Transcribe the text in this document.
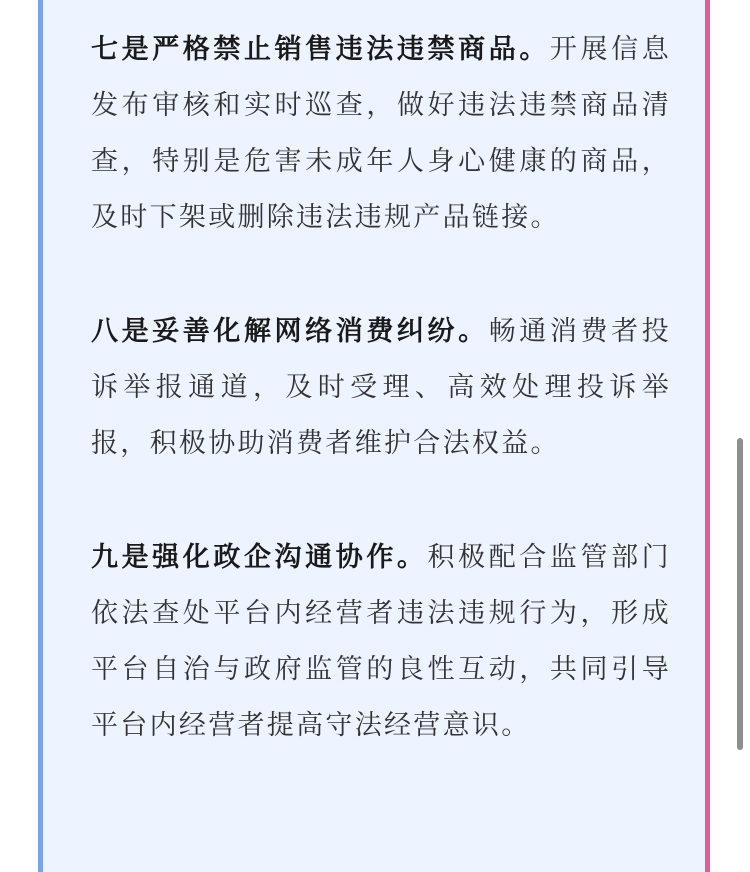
七是严格禁止销售违法违禁商品。开展信息发布审核和实时巡查，做好违法违禁商品清查，特别是危害未成年人身心健康的商品，及时下架或删除违法违规产品链接。

八是妥善化解网络消费纠纷。畅通消费者投诉举报通道，及时受理、高效处理投诉举报，积极协助消费者维护合法权益。

九是强化政企沟通协作。积极配合监管部门依法查处平台内经营者违法违规行为，形成平台自治与政府监管的良性互动，共同引导平台内经营者提高守法经营意识。
